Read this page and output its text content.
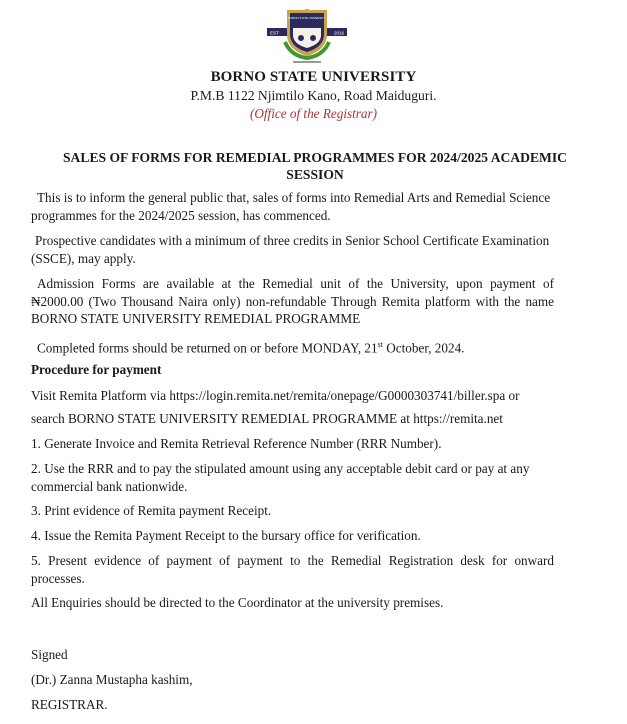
EST	2016
BORNO STATE UNIVERSITY
BORNO STATE UNIVERSITY
P.M.B 1122 Njimtilo Kano, Road Maiduguri.
(Office of the Registrar)
SALES OF FORMS FOR REMEDIAL PROGRAMMES FOR 2024/2025 ACADEMIC
SESSION
This is to inform the general public that, sales of forms into Remedial Arts and Remedial Science programmes for the 2024/2025 session, has commenced.
Prospective candidates with a minimum of three credits in Senior School Certificate Examination (SSCE), may apply.
Admission Forms are available at the Remedial unit of the University, upon payment of ₦2000.00 (Two Thousand Naira only) non-refundable Through Remita platform with the name BORNO STATE UNIVERSITY REMEDIAL PROGRAMME
Completed forms should be returned on or before MONDAY, 21st October, 2024.
Procedure for payment
Visit Remita Platform via https://login.remita.net/remita/onepage/G0000303741/biller.spa or
search BORNO STATE UNIVERSITY REMEDIAL PROGRAMME at https://remita.net
1. Generate Invoice and Remita Retrieval Reference Number (RRR Number).
2. Use the RRR and to pay the stipulated amount using any acceptable debit card or pay at any commercial bank nationwide.
3. Print evidence of Remita payment Receipt.
4. Issue the Remita Payment Receipt to the bursary office for verification.
5. Present evidence of payment of payment to the Remedial Registration desk for onward processes.
All Enquiries should be directed to the Coordinator at the university premises.
Signed
(Dr.) Zanna Mustapha kashim,
REGISTRAR.
